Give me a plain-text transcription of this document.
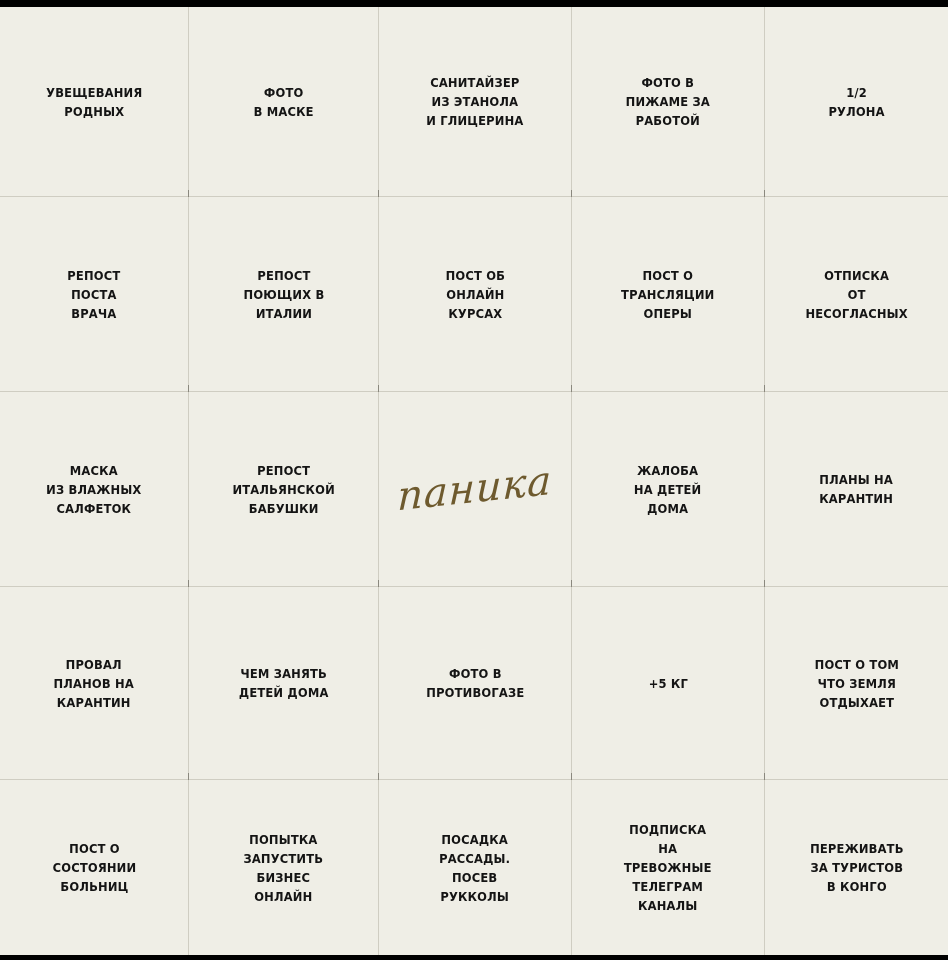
УВЕЩЕВАНИЯ
РОДНЫХ
ФОТО
В МАСКЕ
САНИТАЙЗЕР
ИЗ ЭТАНОЛА
И ГЛИЦЕРИНА
ФОТО В
ПИЖАМЕ ЗА
РАБОТОЙ
1/2
РУЛОНА
РЕПОСТ
ПОСТА
ВРАЧА
РЕПОСТ
ПОЮЩИХ В
ИТАЛИИ
ПОСТ ОБ
ОНЛАЙН
КУРСАХ
ПОСТ О
ТРАНСЛЯЦИИ
ОПЕРЫ
ОТПИСКА
ОТ
НЕСОГЛАСНЫХ
МАСКА
ИЗ ВЛАЖНЫХ
САЛФЕТОК
РЕПОСТ
ИТАЛЬЯНСКОЙ
БАБУШКИ	паника	ЖАЛОБА
НА ДЕТЕЙ
ДОМА
ПЛАНЫ НА
КАРАНТИН
ПРОВАЛ
ПЛАНОВ НА
КАРАНТИН
ЧЕМ ЗАНЯТЬ
ДЕТЕЙ ДОМА
ФОТО В
ПРОТИВОГАЗЕ
+5 КГ
ПОСТ О ТОМ
ЧТО ЗЕМЛЯ
ОТДЫХАЕТ
ПОСТ О
СОСТОЯНИИ
БОЛЬНИЦ
ПОПЫТКА
ЗАПУСТИТЬ
БИЗНЕС
ОНЛАЙН
ПОСАДКА
РАССАДЫ.
ПОСЕВ
РУККОЛЫ
ПОДПИСКА
НА
ТРЕВОЖНЫЕ
ТЕЛЕГРАМ
КАНАЛЫ
ПЕРЕЖИВАТЬ
ЗА ТУРИСТОВ
В КОНГО
